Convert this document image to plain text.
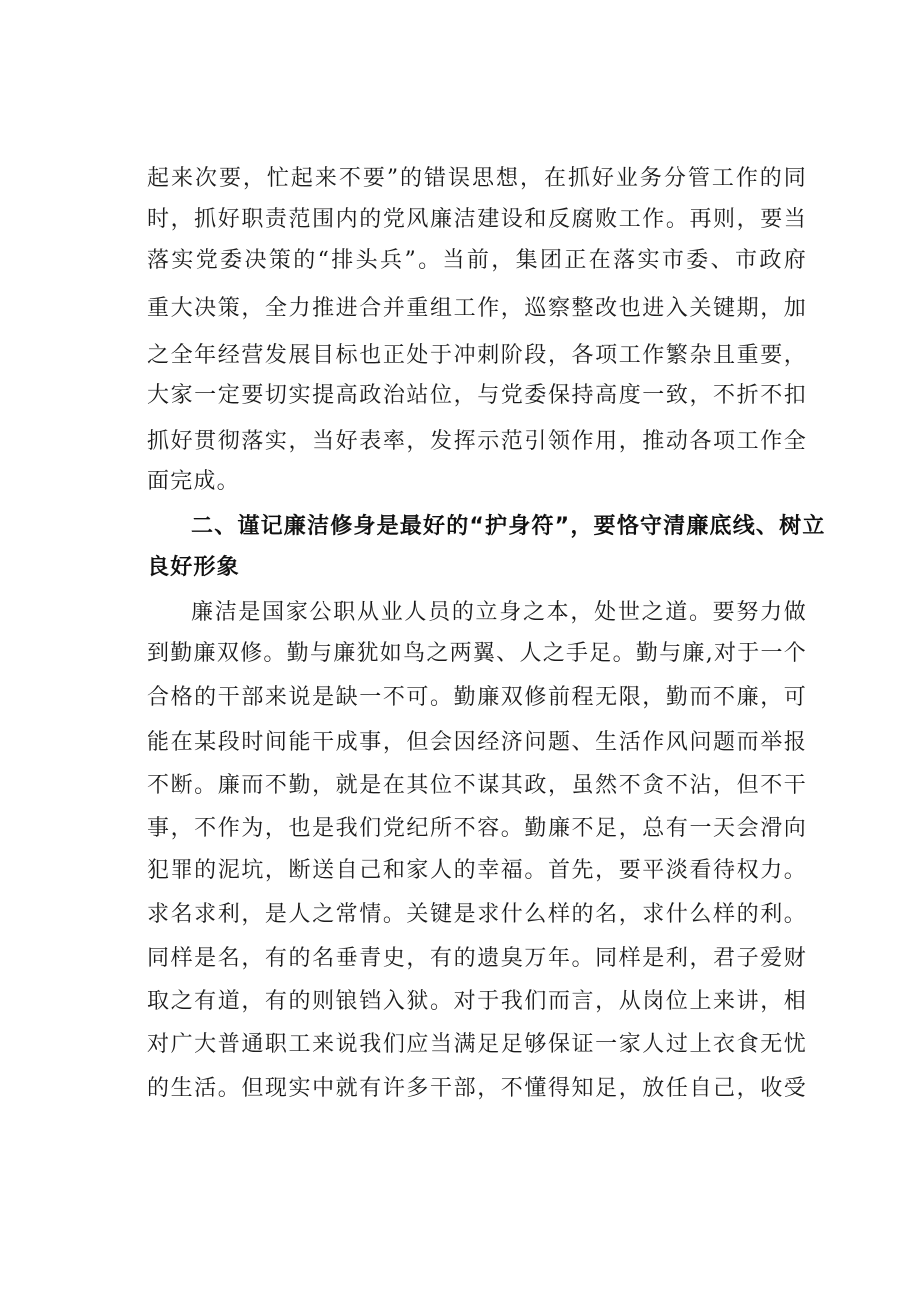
起来次要，忙起来不要”的错误思想，在抓好业务分管工作的同
时，抓好职责范围内的党风廉洁建设和反腐败工作。再则，要当
落实党委决策的“排头兵”。当前，集团正在落实市委、市政府
重大决策，全力推进合并重组工作，巡察整改也进入关键期，加
之全年经营发展目标也正处于冲刺阶段，各项工作繁杂且重要，
大家一定要切实提高政治站位，与党委保持高度一致，不折不扣
抓好贯彻落实，当好表率，发挥示范引领作用，推动各项工作全
面完成。
二、谨记廉洁修身是最好的“护身符”，要恪守清廉底线、树立
良好形象
廉洁是国家公职从业人员的立身之本，处世之道。要努力做
到勤廉双修。勤与廉犹如鸟之两翼、人之手足。勤与廉,对于一个
合格的干部来说是缺一不可。勤廉双修前程无限，勤而不廉，可
能在某段时间能干成事，但会因经济问题、生活作风问题而举报
不断。廉而不勤，就是在其位不谋其政，虽然不贪不沾，但不干
事，不作为，也是我们党纪所不容。勤廉不足，总有一天会滑向
犯罪的泥坑，断送自己和家人的幸福。首先，要平淡看待权力。
求名求利，是人之常情。关键是求什么样的名，求什么样的利。
同样是名，有的名垂青史，有的遗臭万年。同样是利，君子爱财
取之有道，有的则锒铛入狱。对于我们而言，从岗位上来讲，相
对广大普通职工来说我们应当满足足够保证一家人过上衣食无忧
的生活。但现实中就有许多干部，不懂得知足，放任自己，收受
